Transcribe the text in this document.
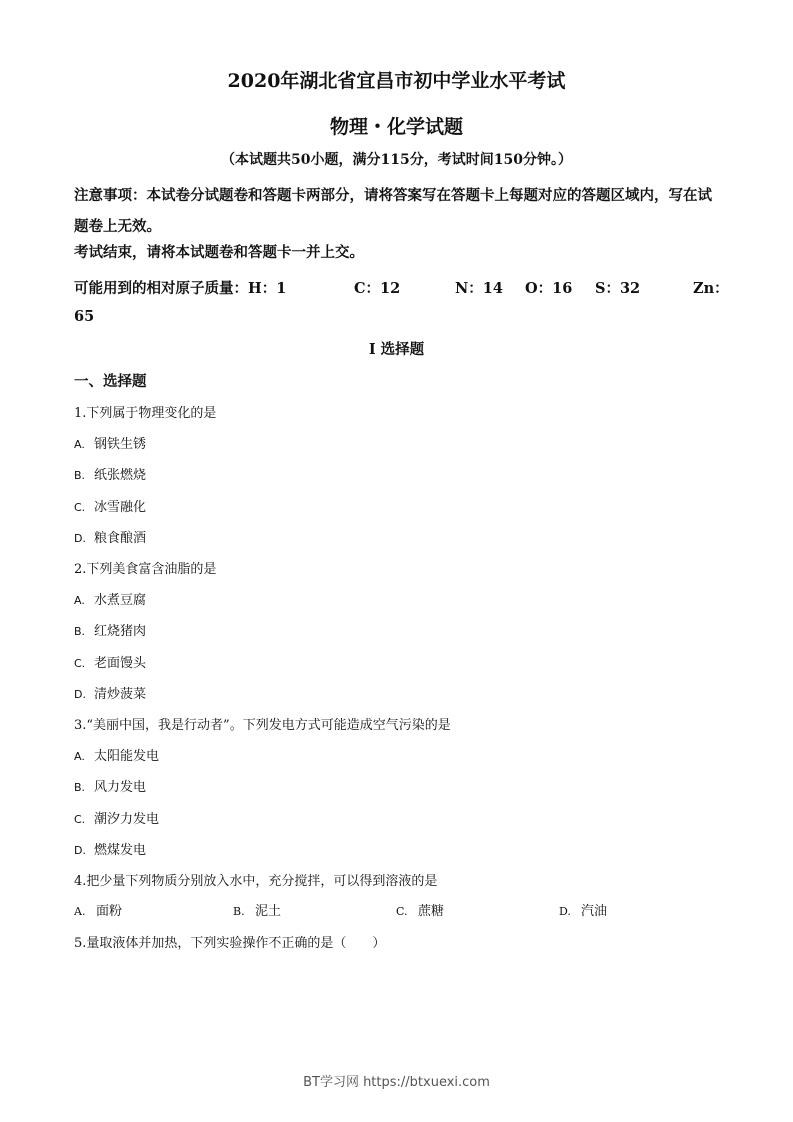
2020年湖北省宜昌市初中学业水平考试
物理・化学试题
（本试题共50小题，满分115分，考试时间150分钟。）
注意事项：本试卷分试题卷和答题卡两部分，请将答案写在答题卡上每题对应的答题区域内，写在试题卷上无效。
考试结束，请将本试题卷和答题卡一并上交。
可能用到的相对原子质量：H：1	C：12	N：14 O：16 S：32	Zn：
65
I 选择题
一、选择题
1.下列属于物理变化的是
A. 钢铁生锈
B. 纸张燃烧
C. 冰雪融化
D. 粮食酿酒
2.下列美食富含油脂的是
A. 水煮豆腐
B. 红烧猪肉
C. 老面馒头
D. 清炒菠菜
3.“美丽中国，我是行动者”。下列发电方式可能造成空气污染的是
A. 太阳能发电
B. 风力发电
C. 潮汐力发电
D. 燃煤发电
4.把少量下列物质分别放入水中，充分搅拌，可以得到溶液的是
A. 面粉	B. 泥土	C. 蔗糖	D. 汽油
5.量取液体并加热，下列实验操作不正确的是（　　）
BT学习网 https://btxuexi.com
